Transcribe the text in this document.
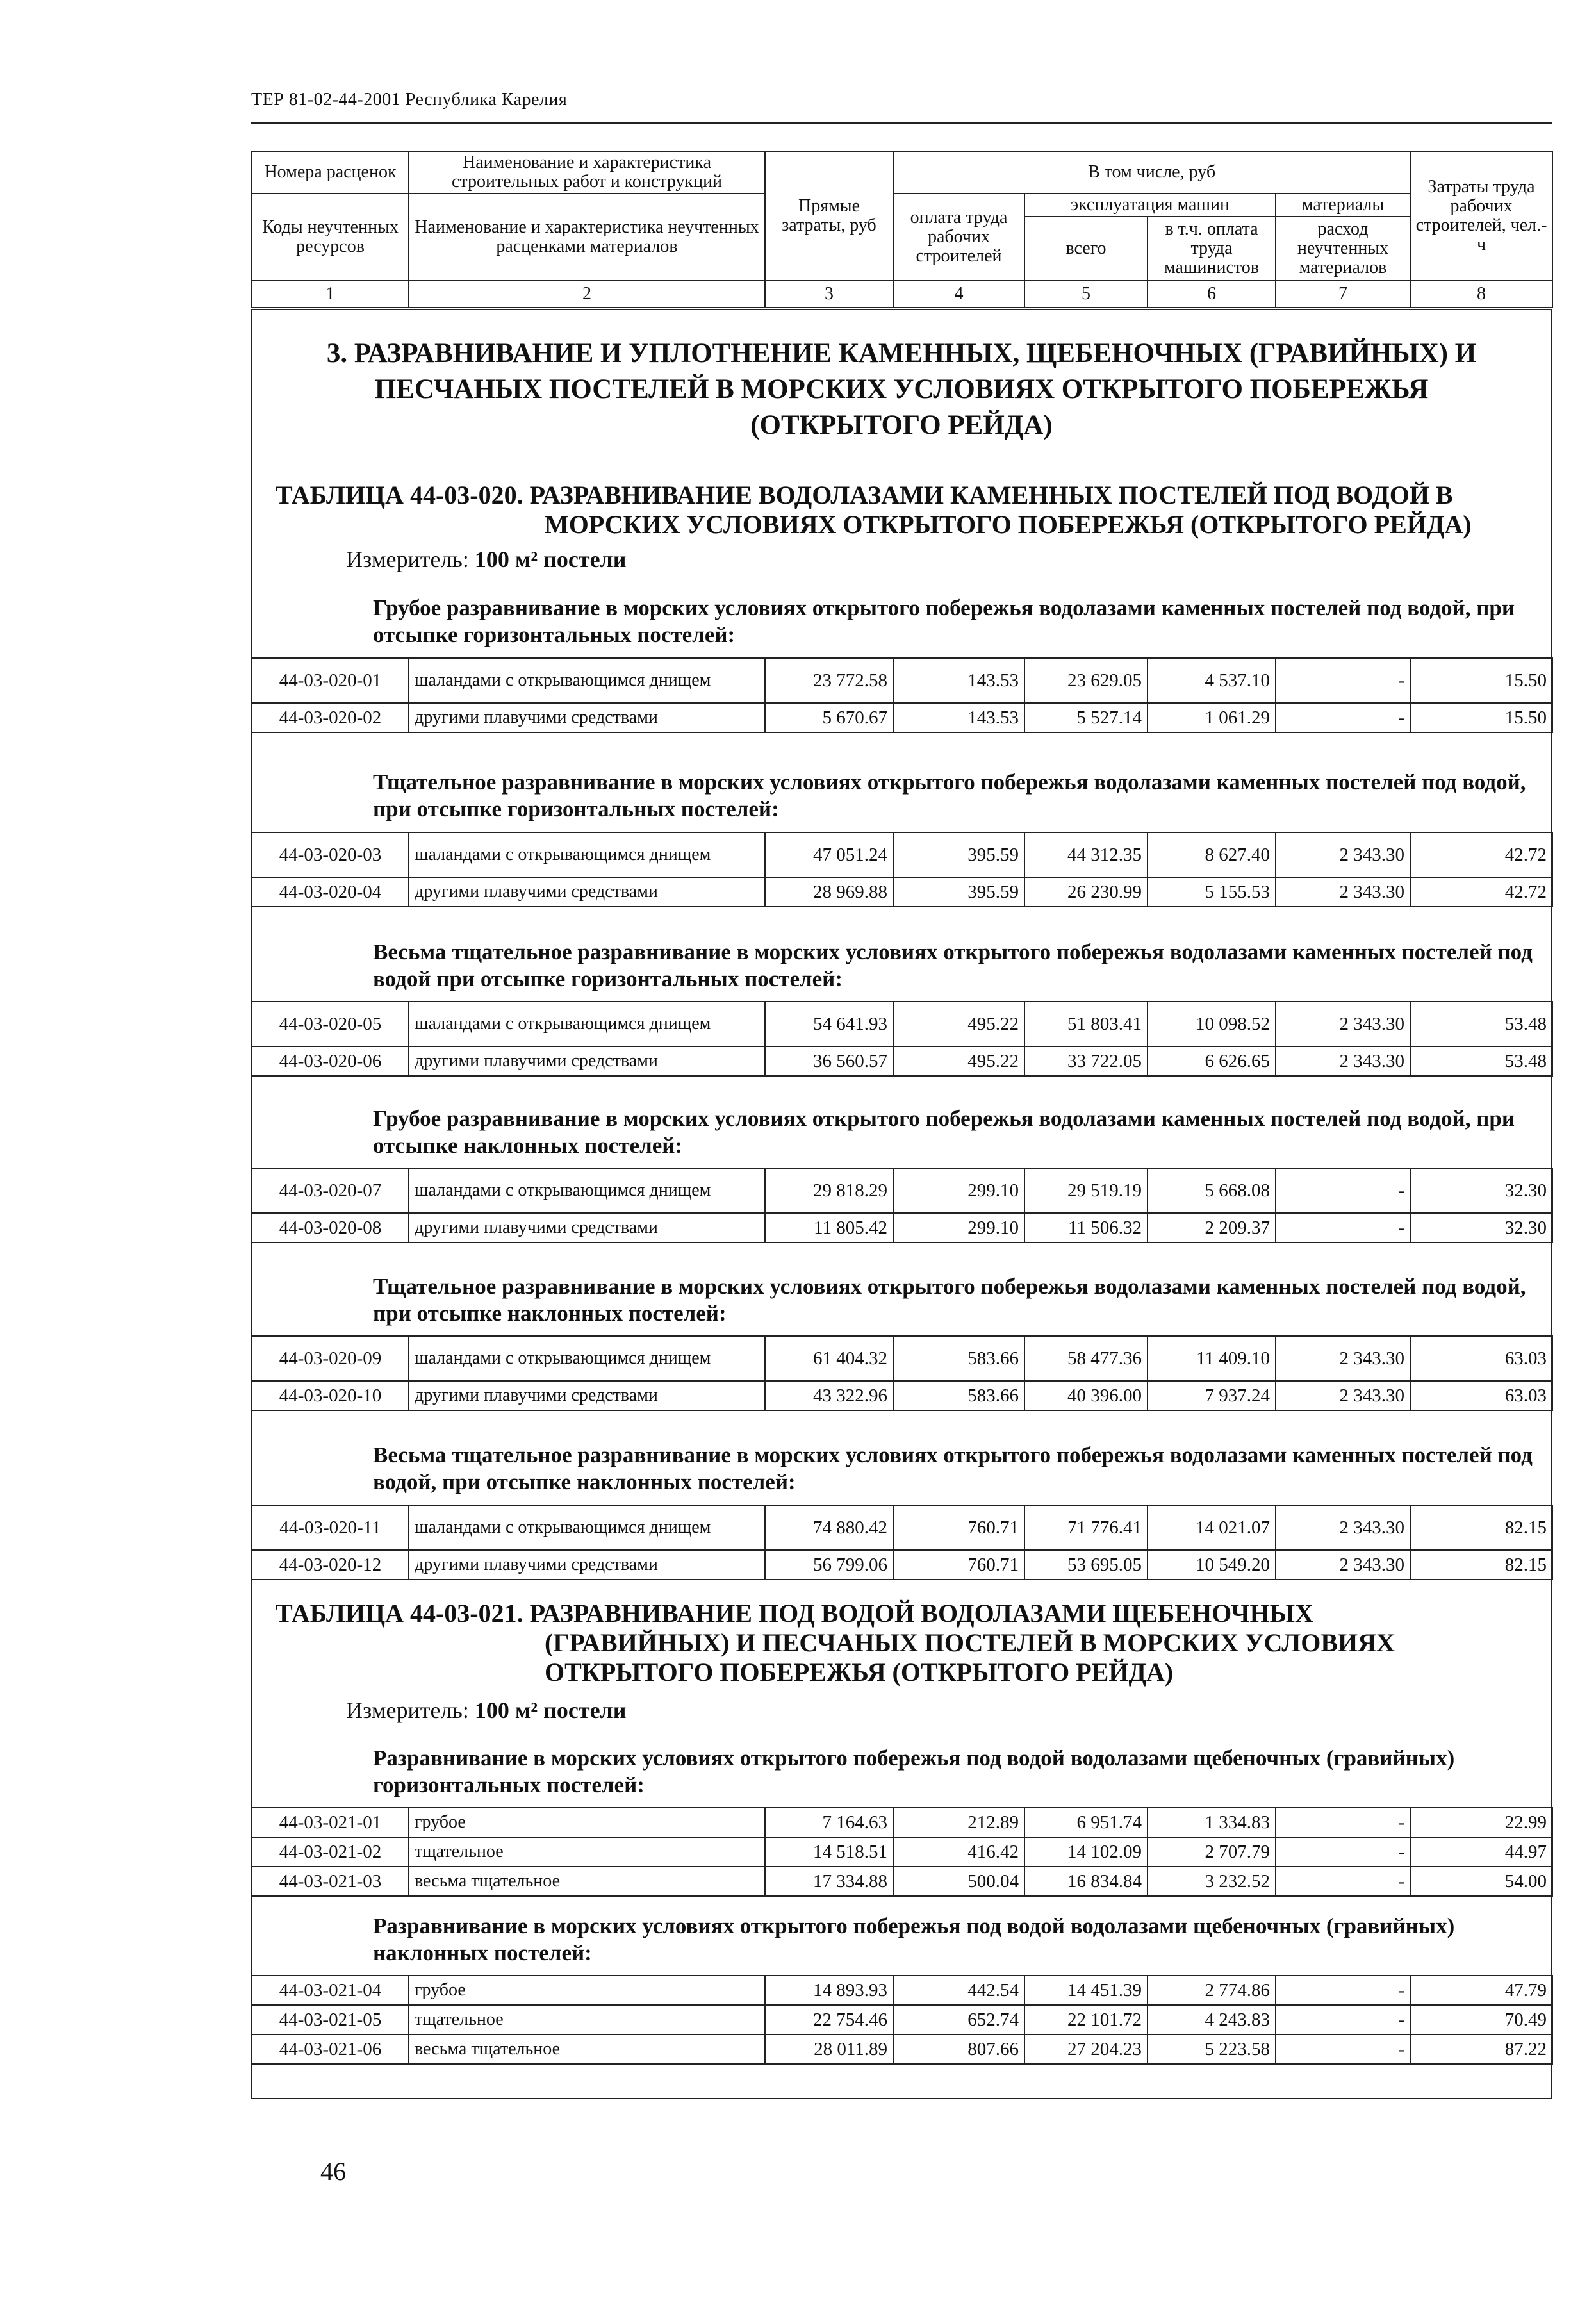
ТЕР 81-02-44-2001 Республика Карелия
Номера расценок	Наименование и характеристика строительных работ и конструкций	Прямые затраты, руб	В том числе, руб				Затраты труда рабочих строителей, чел.-ч
Коды неучтенных ресурсов	Наименование и характеристика неучтенных расценками материалов		оплата труда рабочих строителей	эксплуатация машин		материалы	
				всего	в т.ч. оплата труда машинистов	расход неучтенных материалов	
1	2	3	4	5	6	7	8
3. РАЗРАВНИВАНИЕ И УПЛОТНЕНИЕ КАМЕННЫХ, ЩЕБЕНОЧНЫХ (ГРАВИЙНЫХ) И
ПЕСЧАНЫХ ПОСТЕЛЕЙ В МОРСКИХ УСЛОВИЯХ ОТКРЫТОГО ПОБЕРЕЖЬЯ
(ОТКРЫТОГО РЕЙДА)
ТАБЛИЦА 44-03-020. РАЗРАВНИВАНИЕ ВОДОЛАЗАМИ КАМЕННЫХ ПОСТЕЛЕЙ ПОД ВОДОЙ В
МОРСКИХ УСЛОВИЯХ ОТКРЫТОГО ПОБЕРЕЖЬЯ (ОТКРЫТОГО РЕЙДА)
Измеритель: 100 м² постели
ТАБЛИЦА 44-03-021. РАЗРАВНИВАНИЕ ПОД ВОДОЙ ВОДОЛАЗАМИ ЩЕБЕНОЧНЫХ
(ГРАВИЙНЫХ) И ПЕСЧАНЫХ ПОСТЕЛЕЙ В МОРСКИХ УСЛОВИЯХ
ОТКРЫТОГО ПОБЕРЕЖЬЯ (ОТКРЫТОГО РЕЙДА)
Измеритель: 100 м² постели
Грубое разравнивание в морских условиях открытого побережья водолазами каменных постелей под водой, при отсыпке горизонтальных постелей:
44-03-020-01	шаландами с открывающимся днищем	23 772.58	143.53	23 629.05	4 537.10	-	15.50
44-03-020-02	другими плавучими средствами	5 670.67	143.53	5 527.14	1 061.29	-	15.50
Тщательное разравнивание в морских условиях открытого побережья водолазами каменных постелей под водой, при отсыпке горизонтальных постелей:
44-03-020-03	шаландами с открывающимся днищем	47 051.24	395.59	44 312.35	8 627.40	2 343.30	42.72
44-03-020-04	другими плавучими средствами	28 969.88	395.59	26 230.99	5 155.53	2 343.30	42.72
Весьма тщательное разравнивание в морских условиях открытого побережья водолазами каменных постелей под водой при отсыпке горизонтальных постелей:
44-03-020-05	шаландами с открывающимся днищем	54 641.93	495.22	51 803.41	10 098.52	2 343.30	53.48
44-03-020-06	другими плавучими средствами	36 560.57	495.22	33 722.05	6 626.65	2 343.30	53.48
Грубое разравнивание в морских условиях открытого побережья водолазами каменных постелей под водой, при отсыпке наклонных постелей:
44-03-020-07	шаландами с открывающимся днищем	29 818.29	299.10	29 519.19	5 668.08	-	32.30
44-03-020-08	другими плавучими средствами	11 805.42	299.10	11 506.32	2 209.37	-	32.30
Тщательное разравнивание в морских условиях открытого побережья водолазами каменных постелей под водой, при отсыпке наклонных постелей:
44-03-020-09	шаландами с открывающимся днищем	61 404.32	583.66	58 477.36	11 409.10	2 343.30	63.03
44-03-020-10	другими плавучими средствами	43 322.96	583.66	40 396.00	7 937.24	2 343.30	63.03
Весьма тщательное разравнивание в морских условиях открытого побережья водолазами каменных постелей под водой, при отсыпке наклонных постелей:
44-03-020-11	шаландами с открывающимся днищем	74 880.42	760.71	71 776.41	14 021.07	2 343.30	82.15
44-03-020-12	другими плавучими средствами	56 799.06	760.71	53 695.05	10 549.20	2 343.30	82.15
Разравнивание в морских условиях открытого побережья под водой водолазами щебеночных (гравийных) горизонтальных постелей:
44-03-021-01	грубое	7 164.63	212.89	6 951.74	1 334.83	-	22.99
44-03-021-02	тщательное	14 518.51	416.42	14 102.09	2 707.79	-	44.97
44-03-021-03	весьма тщательное	17 334.88	500.04	16 834.84	3 232.52	-	54.00
Разравнивание в морских условиях открытого побережья под водой водолазами щебеночных (гравийных) наклонных постелей:
44-03-021-04	грубое	14 893.93	442.54	14 451.39	2 774.86	-	47.79
44-03-021-05	тщательное	22 754.46	652.74	22 101.72	4 243.83	-	70.49
44-03-021-06	весьма тщательное	28 011.89	807.66	27 204.23	5 223.58	-	87.22
46
